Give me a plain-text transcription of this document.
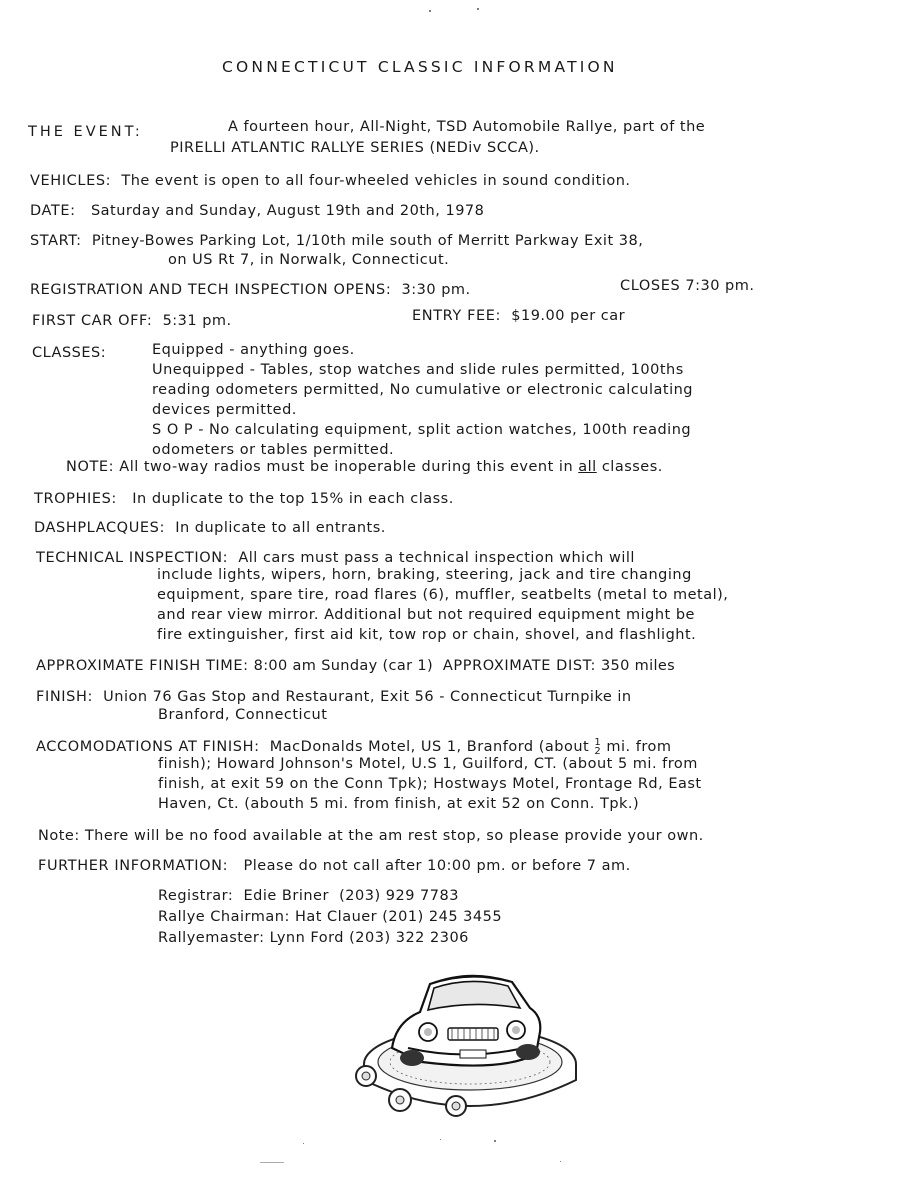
CONNECTICUT CLASSIC INFORMATION
THE EVENT:	A fourteen hour, All-Night, TSD Automobile Rallye, part of the
PIRELLI ATLANTIC RALLYE SERIES (NEDiv SCCA).
VEHICLES: The event is open to all four-wheeled vehicles in sound condition.
DATE: Saturday and Sunday, August 19th and 20th, 1978
START: Pitney-Bowes Parking Lot, 1/10th mile south of Merritt Parkway Exit 38,
on US Rt 7, in Norwalk, Connecticut.
REGISTRATION AND TECH INSPECTION OPENS: 3:30 pm.	CLOSES 7:30 pm.
FIRST CAR OFF: 5:31 pm.	ENTRY FEE: $19.00 per car
CLASSES:	Equipped - anything goes.
Unequipped - Tables, stop watches and slide rules permitted, 100ths
reading odometers permitted, No cumulative or electronic calculating
devices permitted.
S O P - No calculating equipment, split action watches, 100th reading
odometers or tables permitted.
NOTE: All two-way radios must be inoperable during this event in all classes.
TROPHIES: In duplicate to the top 15% in each class.
DASHPLACQUES: In duplicate to all entrants.
TECHNICAL INSPECTION: All cars must pass a technical inspection which will
include lights, wipers, horn, braking, steering, jack and tire changing
equipment, spare tire, road flares (6), muffler, seatbelts (metal to metal),
and rear view mirror. Additional but not required equipment might be
fire extinguisher, first aid kit, tow rop or chain, shovel, and flashlight.
APPROXIMATE FINISH TIME: 8:00 am Sunday (car 1) APPROXIMATE DIST: 350 miles
FINISH: Union 76 Gas Stop and Restaurant, Exit 56 - Connecticut Turnpike in
Branford, Connecticut
ACCOMODATIONS AT FINISH: MacDonalds Motel, US 1, Branford (about 1
2 mi. from
finish); Howard Johnson's Motel, U.S 1, Guilford, CT. (about 5 mi. from
finish, at exit 59 on the Conn Tpk); Hostways Motel, Frontage Rd, East
Haven, Ct. (abouth 5 mi. from finish, at exit 52 on Conn. Tpk.)
Note: There will be no food available at the am rest stop, so please provide your own.
FURTHER INFORMATION: Please do not call after 10:00 pm. or before 7 am.
Registrar: Edie Briner (203) 929 7783
Rallye Chairman: Hat Clauer (201) 245 3455
Rallyemaster: Lynn Ford (203) 322 2306
